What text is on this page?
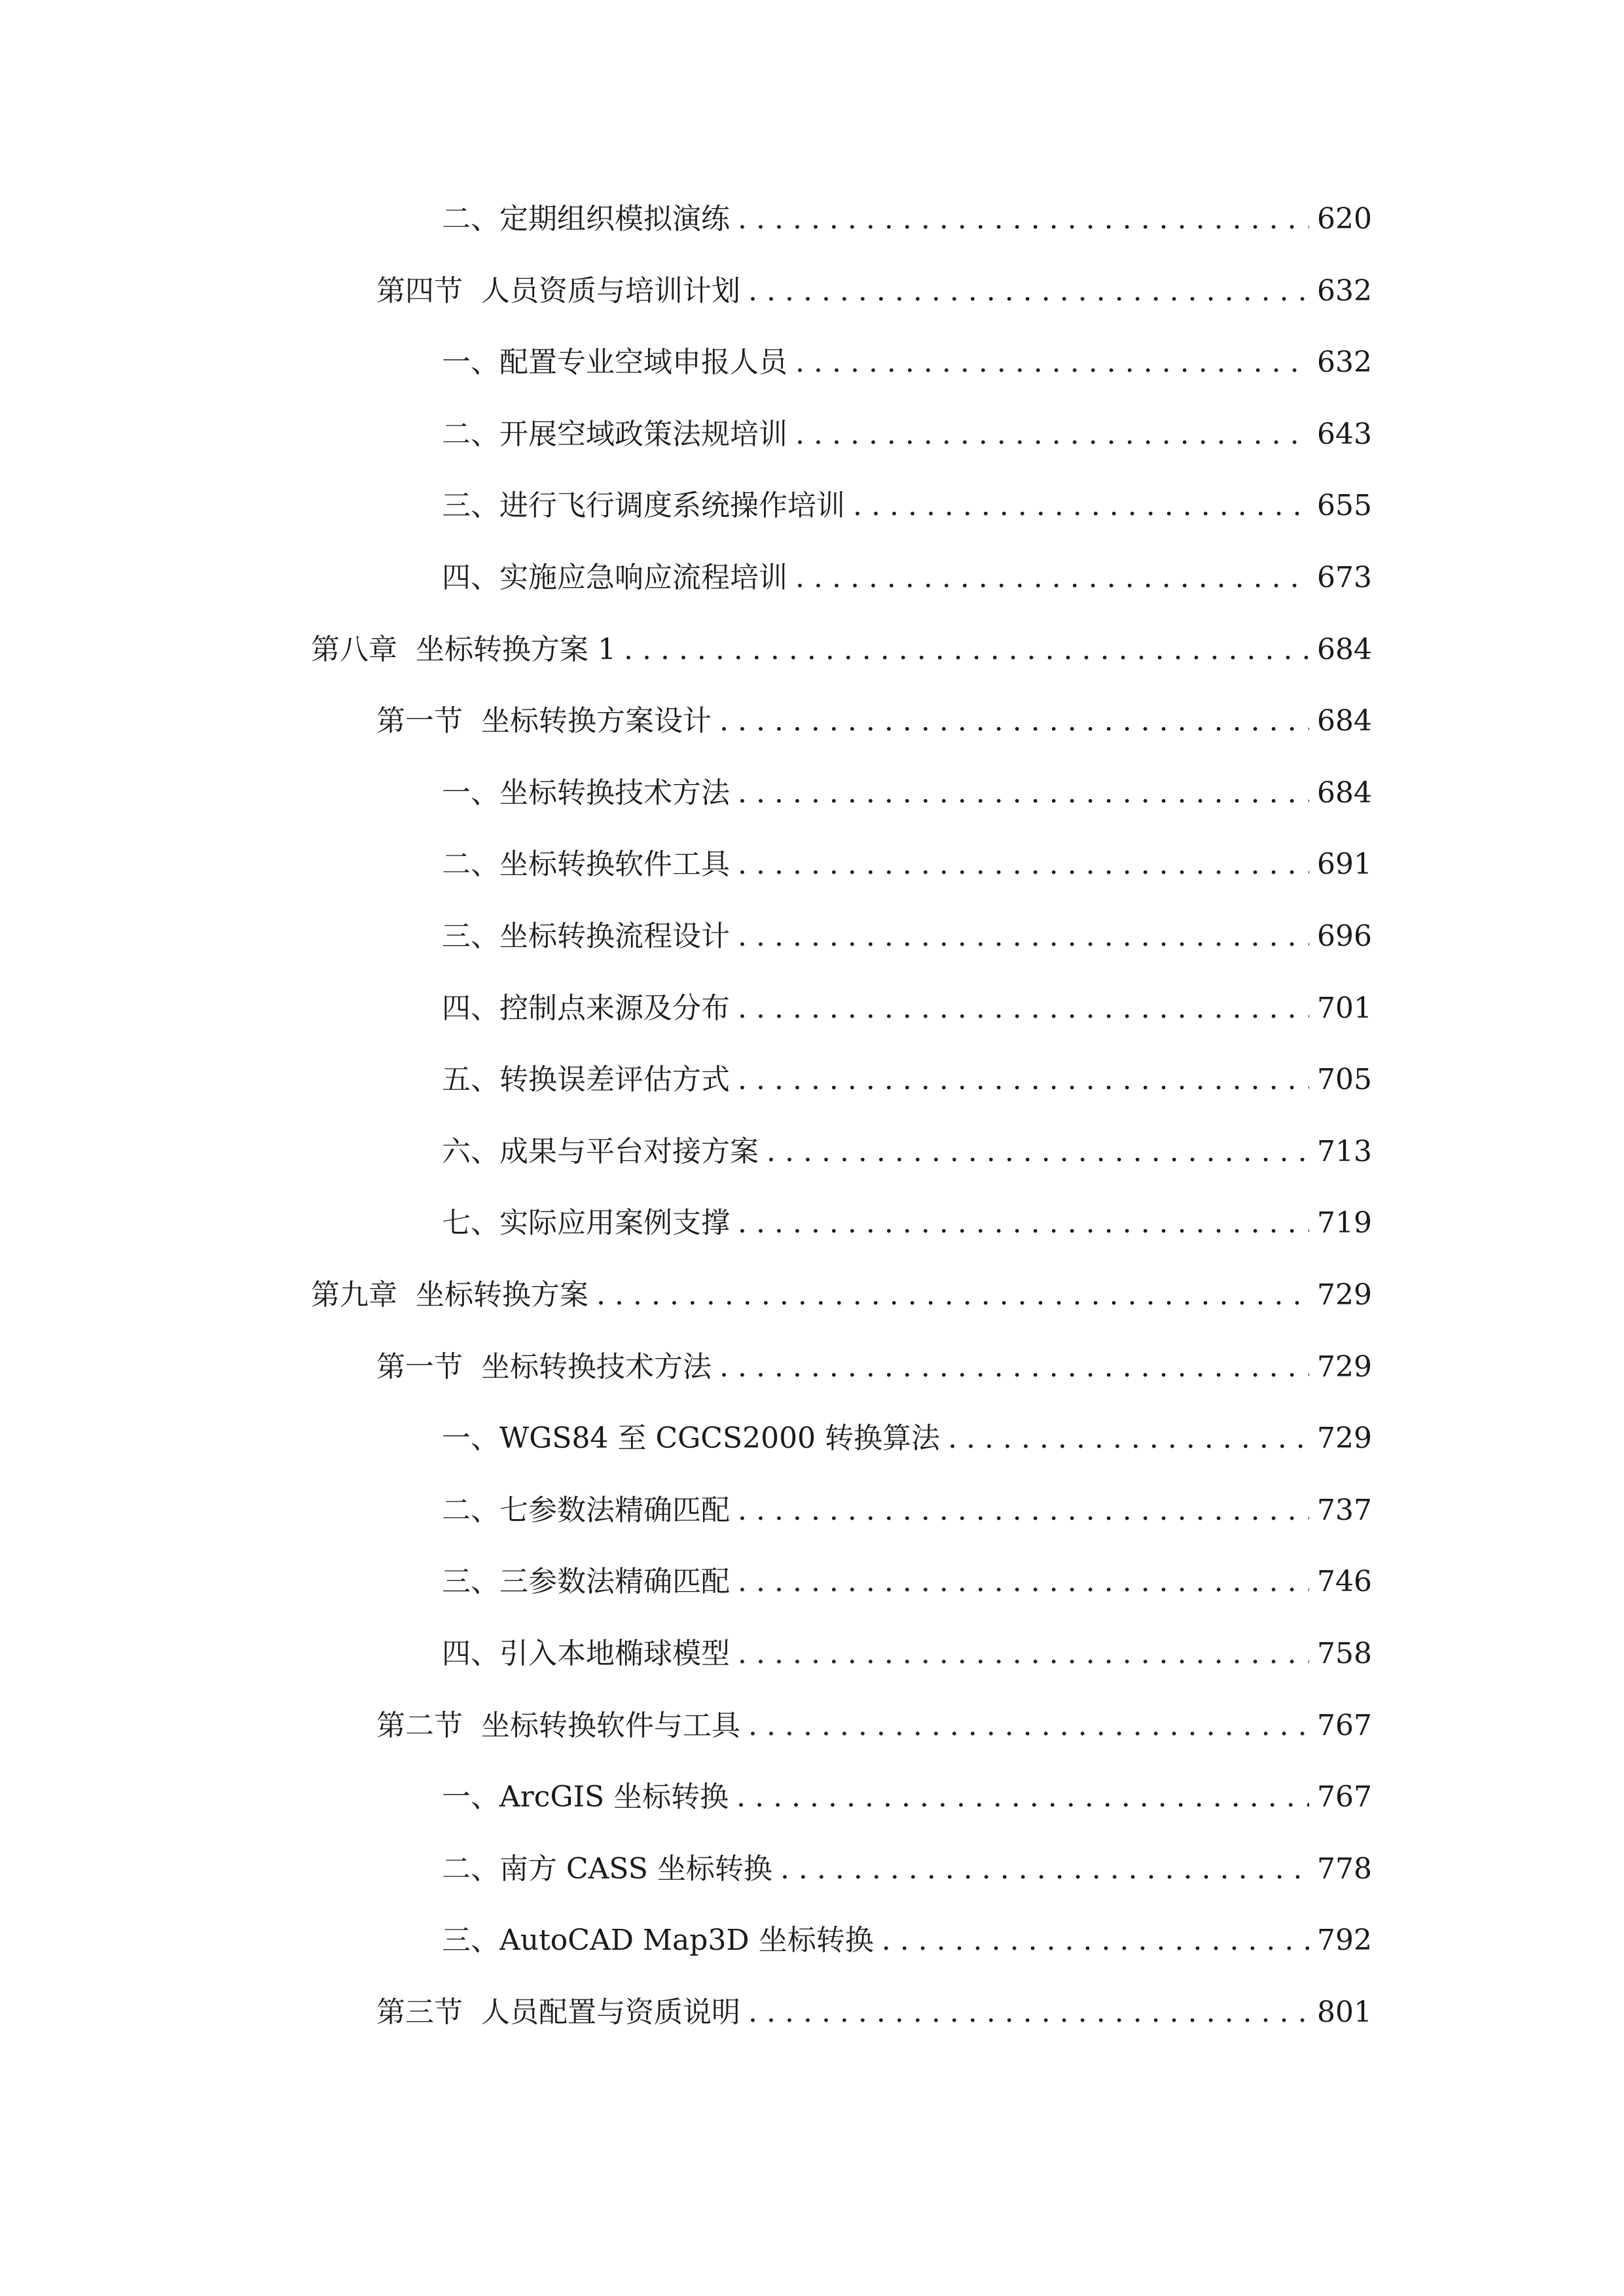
二、 定期组织模拟演练 .....	620
第四节 人员资质与培训计划 .....	632
一、 配置专业空域申报人员 .....	632
二、 开展空域政策法规培训 .....	643
三、 进行飞行调度系统操作培训 .....	655
四、 实施应急响应流程培训 .....	673
第八章 坐标转换方案 1 .....	684
第一节 坐标转换方案设计 .....	684
一、 坐标转换技术方法 .....	684
二、 坐标转换软件工具 .....	691
三、 坐标转换流程设计 .....	696
四、 控制点来源及分布 .....	701
五、 转换误差评估方式 .....	705
六、 成果与平台对接方案 .....	713
七、 实际应用案例支撑 .....	719
第九章 坐标转换方案 .....	729
第一节 坐标转换技术方法 .....	729
一、 WGS84 至 CGCS2000 转换算法 .....	729
二、 七参数法精确匹配 .....	737
三、 三参数法精确匹配 .....	746
四、 引入本地椭球模型 .....	758
第二节 坐标转换软件与工具 .....	767
一、 ArcGIS 坐标转换 .....	767
二、 南方 CASS 坐标转换 .....	778
三、 AutoCAD Map3D 坐标转换 .....	792
第三节 人员配置与资质说明 .....	801
